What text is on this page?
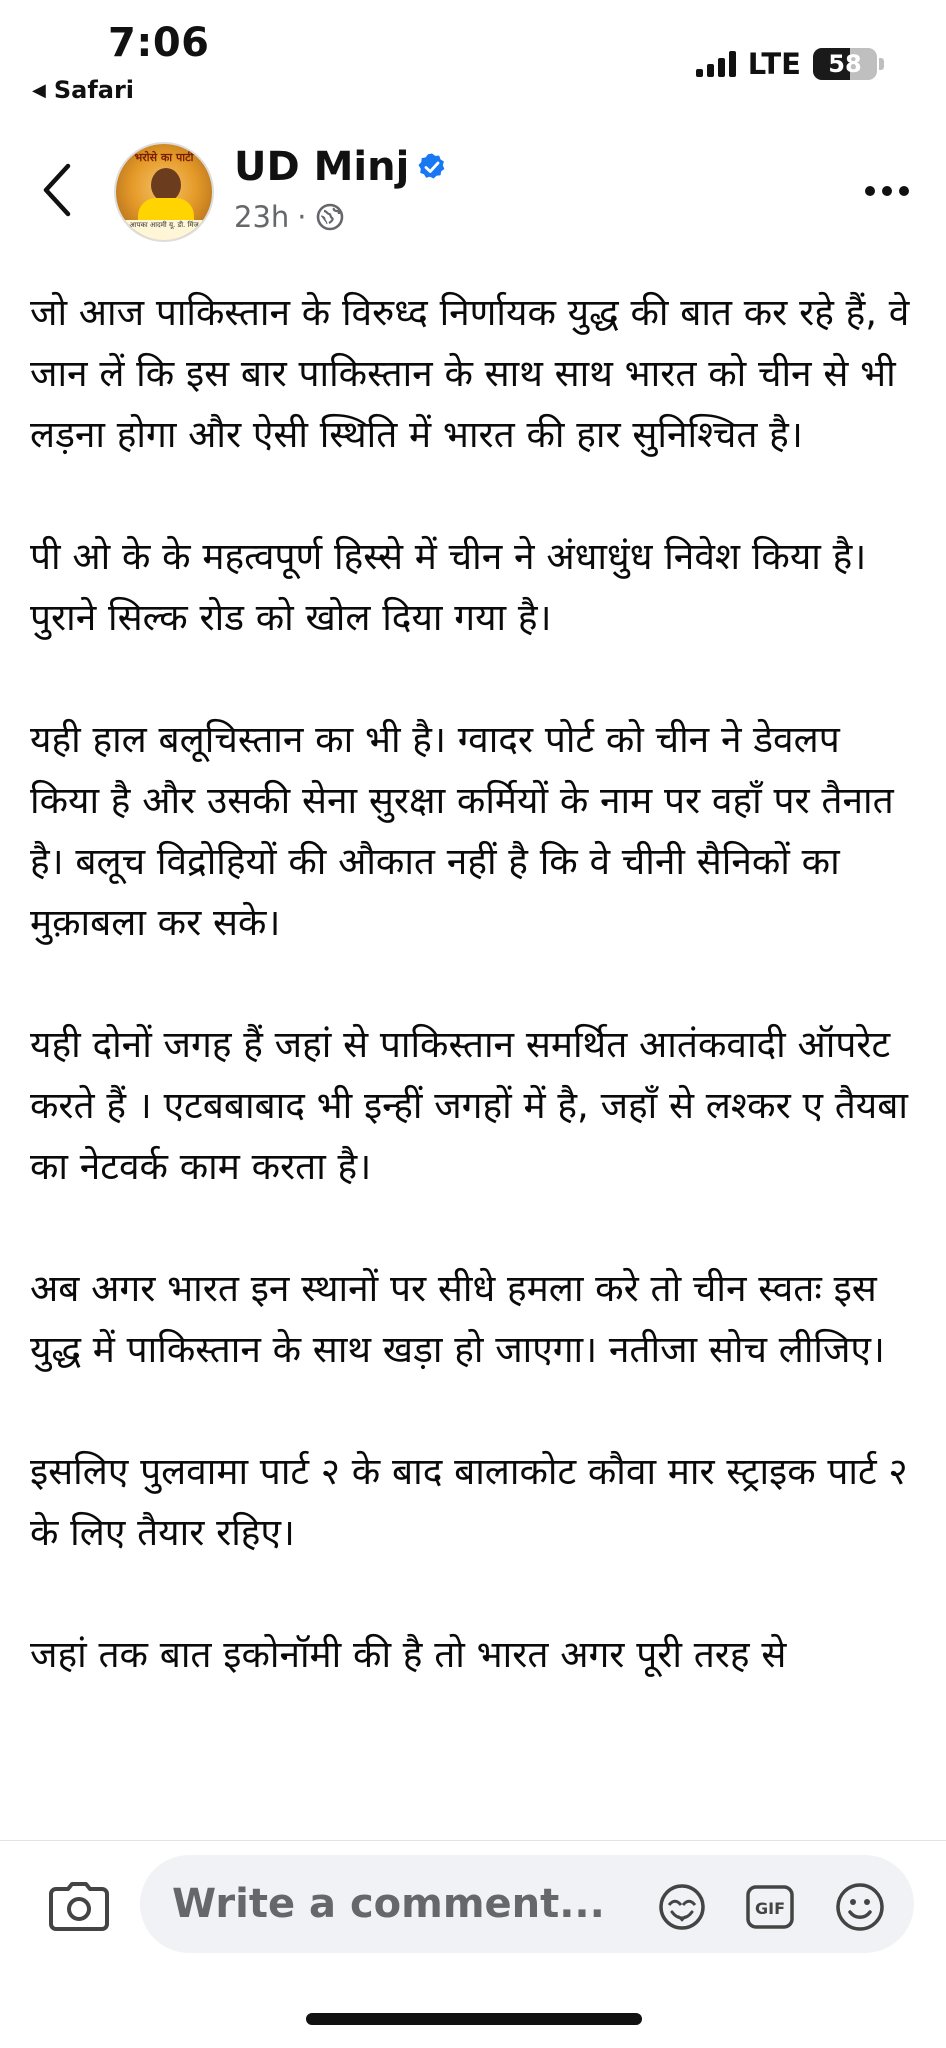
7:06
◀ Safari
LTE 58
भरोसे का पार्टी
आपका आदमी यू. डी. मिंज
UD Minj
23h ·

जो आज पाकिस्तान के विरुध्द निर्णायक युद्ध की बात कर रहे हैं, वे जान लें कि इस बार पाकिस्तान के साथ साथ भारत को चीन से भी लड़ना होगा और ऐसी स्थिति में भारत की हार सुनिश्चित है।

पी ओ के के महत्वपूर्ण हिस्से में चीन ने अंधाधुंध निवेश किया है। पुराने सिल्क रोड को खोल दिया गया है।

यही हाल बलूचिस्तान का भी है। ग्वादर पोर्ट को चीन ने डेवलप किया है और उसकी सेना सुरक्षा कर्मियों के नाम पर वहाँ पर तैनात है। बलूच विद्रोहियों की औकात नहीं है कि वे चीनी सैनिकों का मुक़ाबला कर सके।

यही दोनों जगह हैं जहां से पाकिस्तान समर्थित आतंकवादी ऑपरेट करते हैं । एटबबाबाद भी इन्हीं जगहों में है, जहाँ से लश्कर ए तैयबा का नेटवर्क काम करता है।

अब अगर भारत इन स्थानों पर सीधे हमला करे तो चीन स्वतः इस युद्ध में पाकिस्तान के साथ खड़ा हो जाएगा। नतीजा सोच लीजिए।

इसलिए पुलवामा पार्ट २ के बाद बालाकोट कौवा मार स्ट्राइक पार्ट २ के लिए तैयार रहिए।

जहां तक बात इकोनॉमी की है तो भारत अगर पूरी तरह से

Write a comment...	GIF
